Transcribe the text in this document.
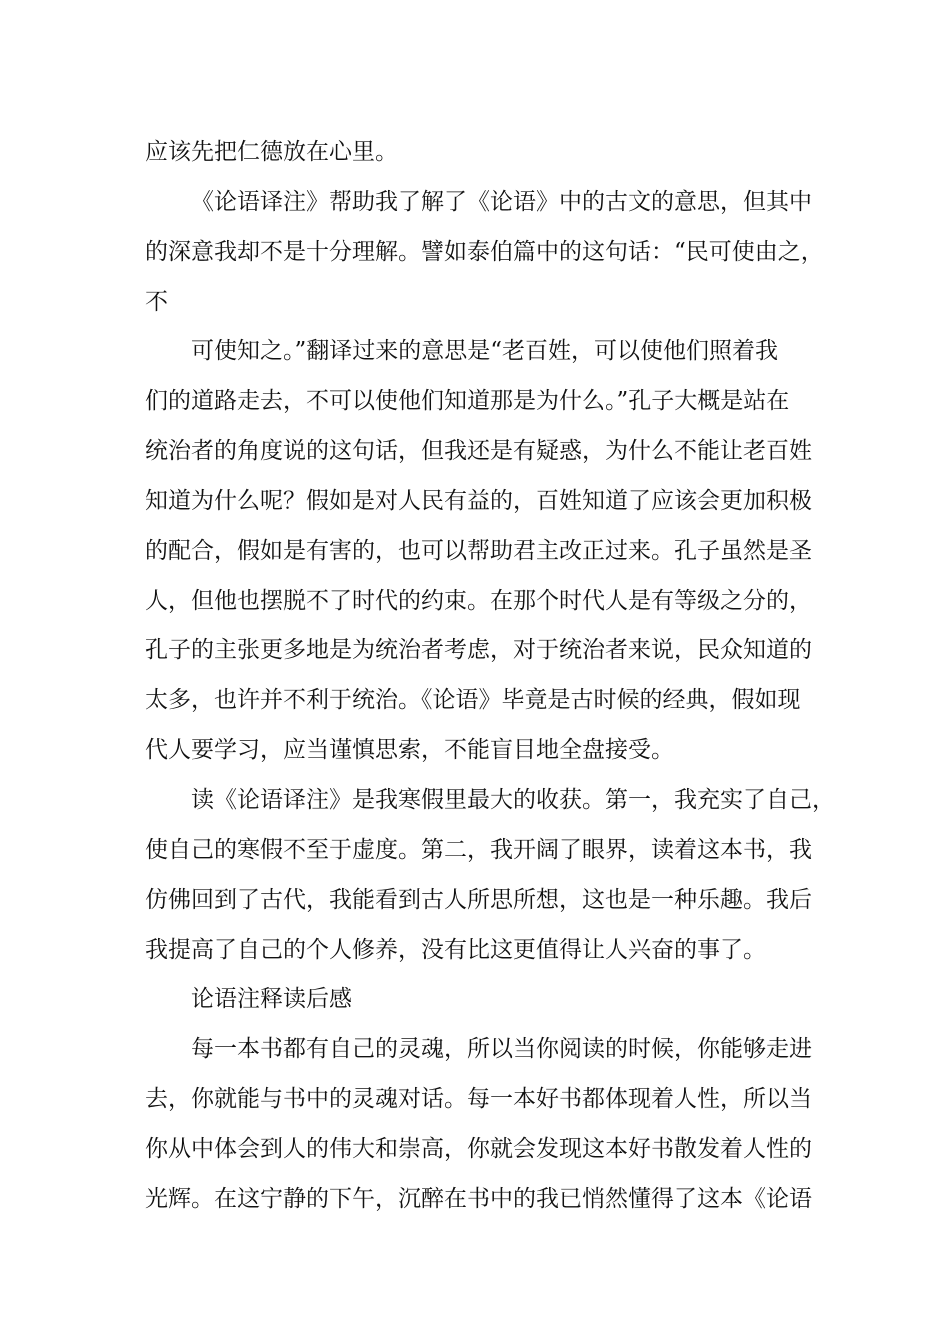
应该先把仁德放在心里。
《论语译注》帮助我了解了《论语》中的古文的意思，但其中
的深意我却不是十分理解。譬如泰伯篇中的这句话：“民可使由之，
不
可使知之。”翻译过来的意思是“老百姓，可以使他们照着我
们的道路走去，不可以使他们知道那是为什么。”孔子大概是站在
统治者的角度说的这句话，但我还是有疑惑，为什么不能让老百姓
知道为什么呢？假如是对人民有益的，百姓知道了应该会更加积极
的配合，假如是有害的，也可以帮助君主改正过来。孔子虽然是圣
人，但他也摆脱不了时代的约束。在那个时代人是有等级之分的，
孔子的主张更多地是为统治者考虑，对于统治者来说，民众知道的
太多，也许并不利于统治。《论语》毕竟是古时候的经典，假如现
代人要学习，应当谨慎思索，不能盲目地全盘接受。
读《论语译注》是我寒假里最大的收获。第一，我充实了自己，
使自己的寒假不至于虚度。第二，我开阔了眼界，读着这本书，我
仿佛回到了古代，我能看到古人所思所想，这也是一种乐趣。我后
我提高了自己的个人修养，没有比这更值得让人兴奋的事了。
论语注释读后感
每一本书都有自己的灵魂，所以当你阅读的时候，你能够走进
去，你就能与书中的灵魂对话。每一本好书都体现着人性，所以当
你从中体会到人的伟大和崇高，你就会发现这本好书散发着人性的
光辉。在这宁静的下午，沉醉在书中的我已悄然懂得了这本《论语
